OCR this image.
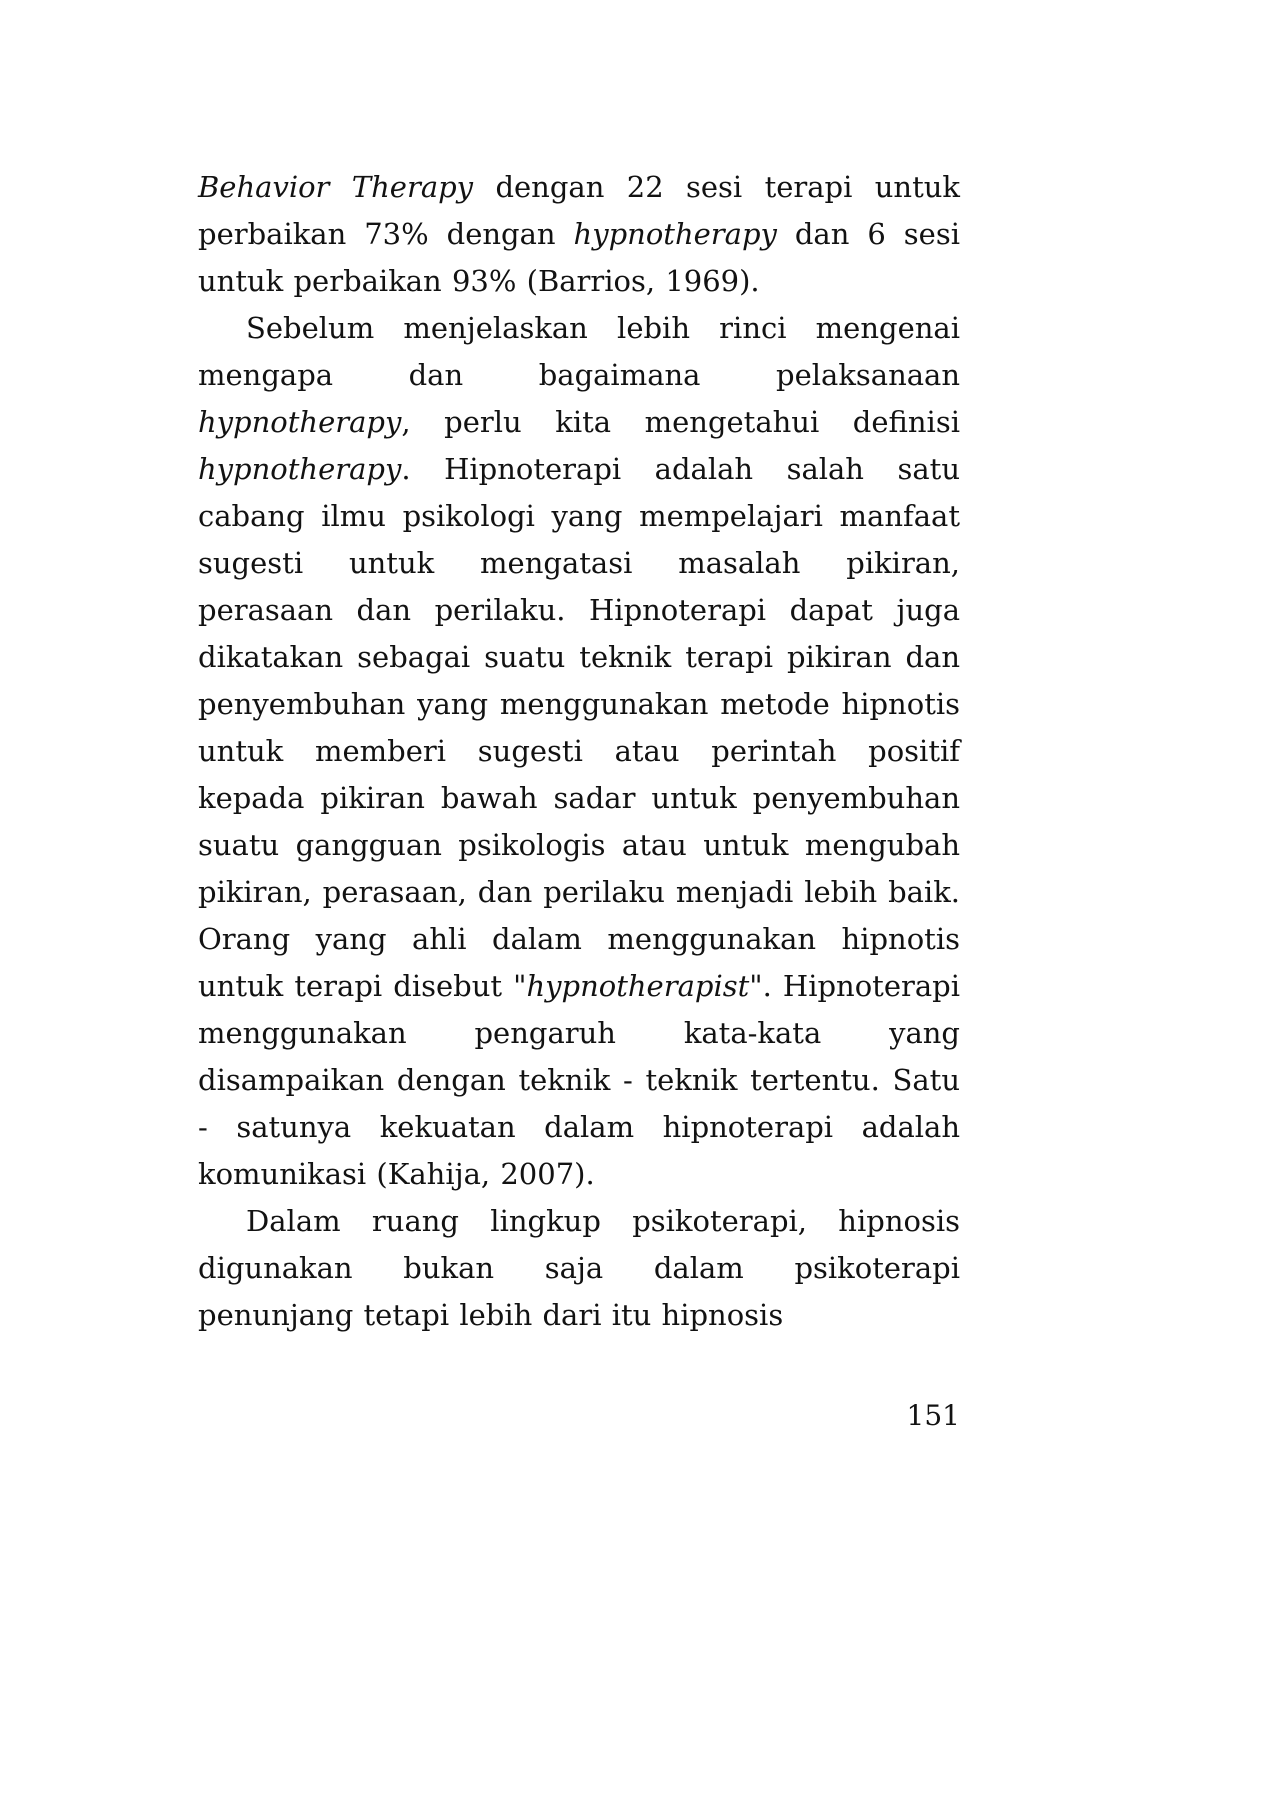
Behavior Therapy dengan 22 sesi terapi untuk perbaikan 73% dengan hypnotherapy dan 6 sesi untuk perbaikan 93% (Barrios, 1969).

Sebelum menjelaskan lebih rinci mengenai mengapa dan bagaimana pelaksanaan hypnotherapy, perlu kita mengetahui definisi hypnotherapy. Hipnoterapi adalah salah satu cabang ilmu psikologi yang mempelajari manfaat sugesti untuk mengatasi masalah pikiran, perasaan dan perilaku. Hipnoterapi dapat juga dikatakan sebagai suatu teknik terapi pikiran dan penyembuhan yang menggunakan metode hipnotis untuk memberi sugesti atau perintah positif kepada pikiran bawah sadar untuk penyembuhan suatu gangguan psikologis atau untuk mengubah pikiran, perasaan, dan perilaku menjadi lebih baik. Orang yang ahli dalam menggunakan hipnotis untuk terapi disebut "hypnotherapist". Hipnoterapi menggunakan pengaruh kata-kata yang disampaikan dengan teknik - teknik tertentu. Satu - satunya kekuatan dalam hipnoterapi adalah komunikasi (Kahija, 2007).

Dalam ruang lingkup psikoterapi, hipnosis digunakan bukan saja dalam psikoterapi penunjang tetapi lebih dari itu hipnosis

151
